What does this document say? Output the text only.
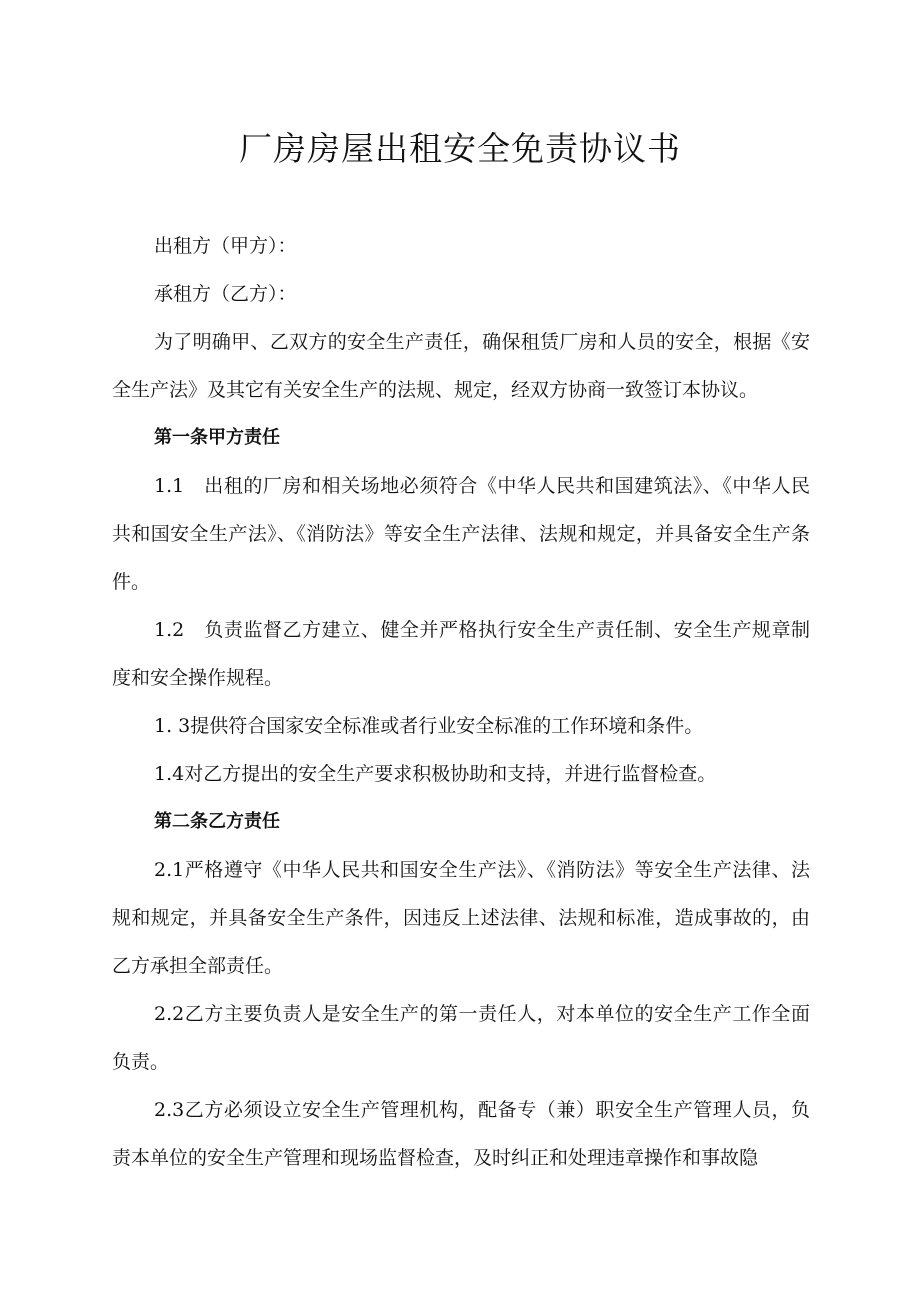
厂房房屋出租安全免责协议书

出租方（甲方）：

承租方（乙方）：

为了明确甲、乙双方的安全生产责任，确保租赁厂房和人员的安全，根据《安全生产法》及其它有关安全生产的法规、规定，经双方协商一致签订本协议。

第一条甲方责任

1.1　出租的厂房和相关场地必须符合《中华人民共和国建筑法》、《中华人民共和国安全生产法》、《消防法》等安全生产法律、法规和规定，并具备安全生产条件。

1.2　负责监督乙方建立、健全并严格执行安全生产责任制、安全生产规章制度和安全操作规程。

1. 3提供符合国家安全标准或者行业安全标准的工作环境和条件。

1.4对乙方提出的安全生产要求积极协助和支持，并进行监督检查。

第二条乙方责任

2.1严格遵守《中华人民共和国安全生产法》、《消防法》等安全生产法律、法规和规定，并具备安全生产条件，因违反上述法律、法规和标准，造成事故的，由乙方承担全部责任。

2.2乙方主要负责人是安全生产的第一责任人，对本单位的安全生产工作全面负责。

2.3乙方必须设立安全生产管理机构，配备专（兼）职安全生产管理人员，负责本单位的安全生产管理和现场监督检查，及时纠正和处理违章操作和事故隐
